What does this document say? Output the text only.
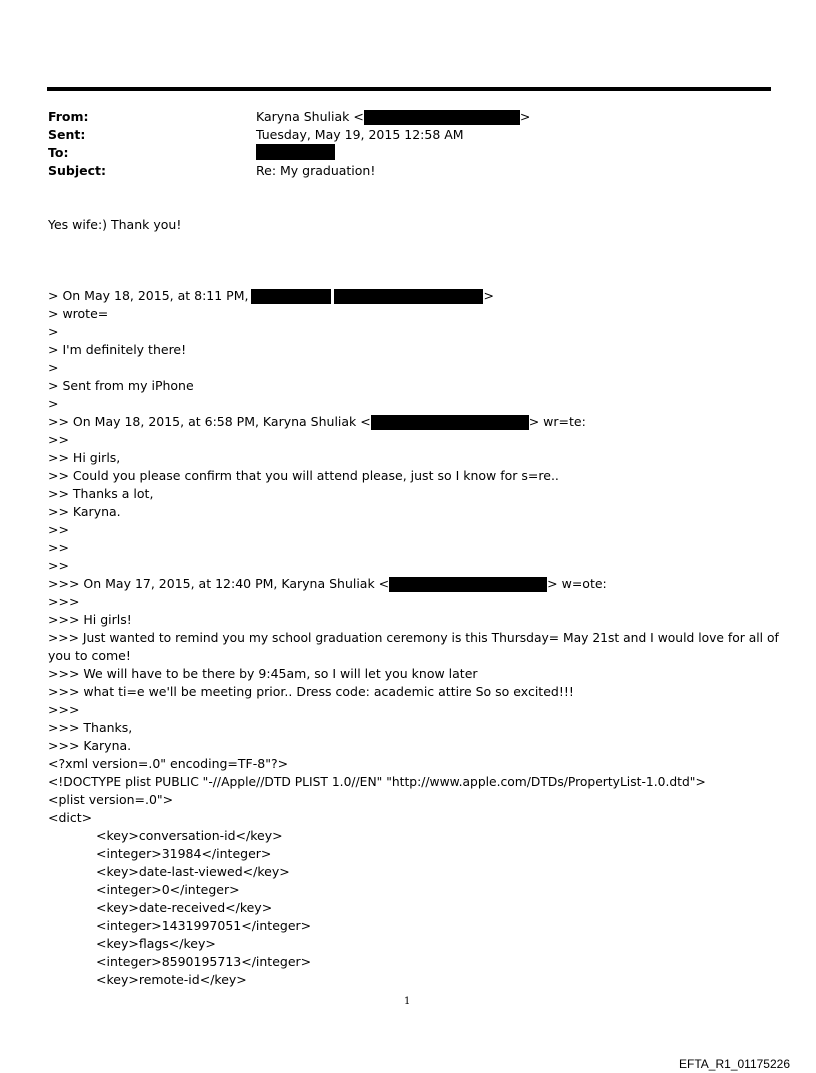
From:	Karyna Shuliak <	>
Sent:	Tuesday, May 19, 2015 12:58 AM
To:
Subject:	Re: My graduation!
Yes wife:) Thank you!
> On May 18, 2015, at 8:11 PM,	>
> wrote=
>
> I'm definitely there!
>
> Sent from my iPhone
>
>> On May 18, 2015, at 6:58 PM, Karyna Shuliak <	> wr=te:
>>
>> Hi girls,
>> Could you please confirm that you will attend please, just so I know for s=re..
>> Thanks a lot,
>> Karyna.
>>
>>
>>
>>> On May 17, 2015, at 12:40 PM, Karyna Shuliak <	> w=ote:
>>>
>>> Hi girls!
>>> Just wanted to remind you my school graduation ceremony is this Thursday= May 21st and I would love for all of
you to come!
>>> We will have to be there by 9:45am, so I will let you know later
>>> what ti=e we'll be meeting prior.. Dress code: academic attire So so excited!!!
>>>
>>> Thanks,
>>> Karyna.
<?xml version=.0" encoding=TF-8"?>
<!DOCTYPE plist PUBLIC "-//Apple//DTD PLIST 1.0//EN" "http://www.apple.com/DTDs/PropertyList-1.0.dtd">
<plist version=.0">
<dict>
<key>conversation-id</key>
<integer>31984</integer>
<key>date-last-viewed</key>
<integer>0</integer>
<key>date-received</key>
<integer>1431997051</integer>
<key>flags</key>
<integer>8590195713</integer>
<key>remote-id</key>
1
EFTA_R1_01175226
